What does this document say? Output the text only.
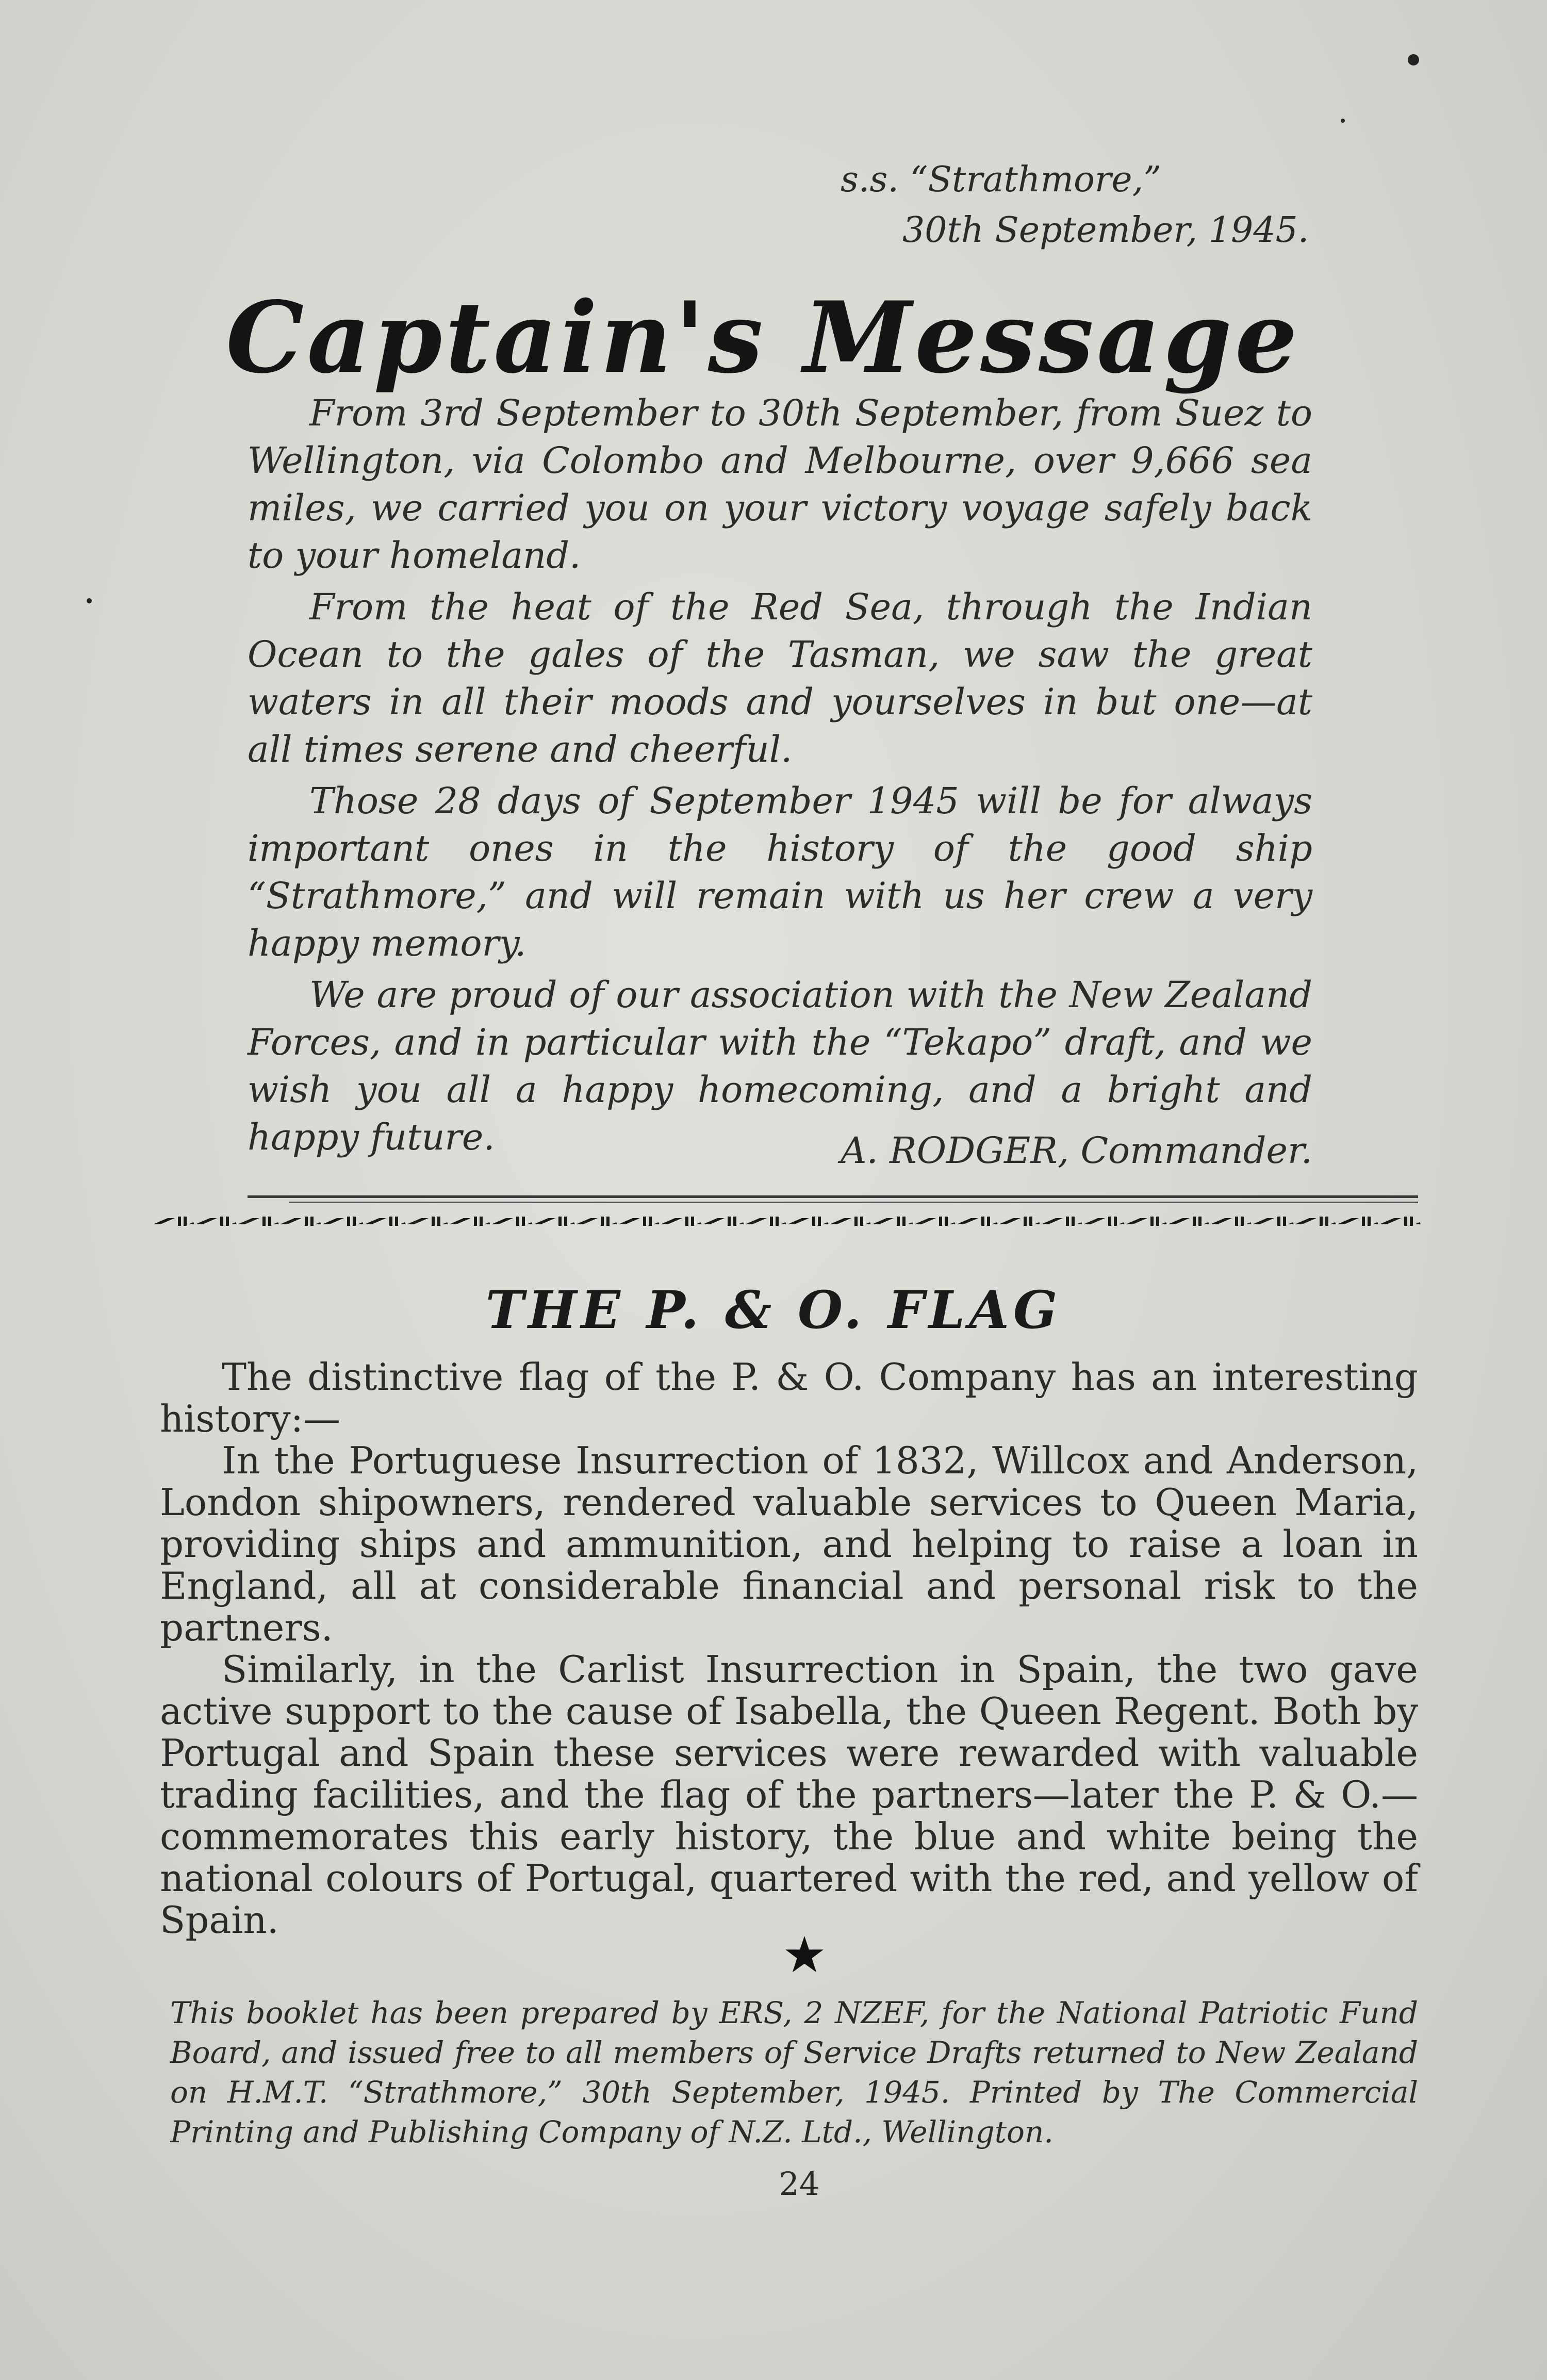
s.s. “Strathmore,”
30th September, 1945.
Captain's Message

From 3rd September to 30th September, from Suez to Wellington, via Colombo and Melbourne, over 9,666 sea miles, we carried you on your victory voyage safely back to your homeland.

From the heat of the Red Sea, through the Indian Ocean to the gales of the Tasman, we saw the great waters in all their moods and yourselves in but one—at all times serene and cheerful.

Those 28 days of September 1945 will be for always important ones in the history of the good ship “Strathmore,” and will remain with us her crew a very happy memory.

We are proud of our association with the New Zealand Forces, and in particular with the “Tekapo” draft, and we wish you all a happy homecoming, and a bright and happy future.	A. RODGER, Commander.
THE P. & O. FLAG

The distinctive flag of the P. & O. Company has an interesting history:—

In the Portuguese Insurrection of 1832, Willcox and Anderson, London shipowners, rendered valuable services to Queen Maria, providing ships and ammunition, and helping to raise a loan in England, all at considerable financial and personal risk to the partners.

Similarly, in the Carlist Insurrection in Spain, the two gave active support to the cause of Isabella, the Queen Regent. Both by Portugal and Spain these services were rewarded with valuable trading facilities, and the flag of the partners—later the P. & O.—commemorates this early history, the blue and white being the national colours of Portugal, quartered with the red, and yellow of Spain.

This booklet has been prepared by ERS, 2 NZEF, for the National Patriotic Fund Board, and issued free to all members of Service Drafts returned to New Zealand on H.M.T. “Strathmore,” 30th September, 1945. Printed by The Commercial Printing and Publishing Company of N.Z. Ltd., Wellington.

24
